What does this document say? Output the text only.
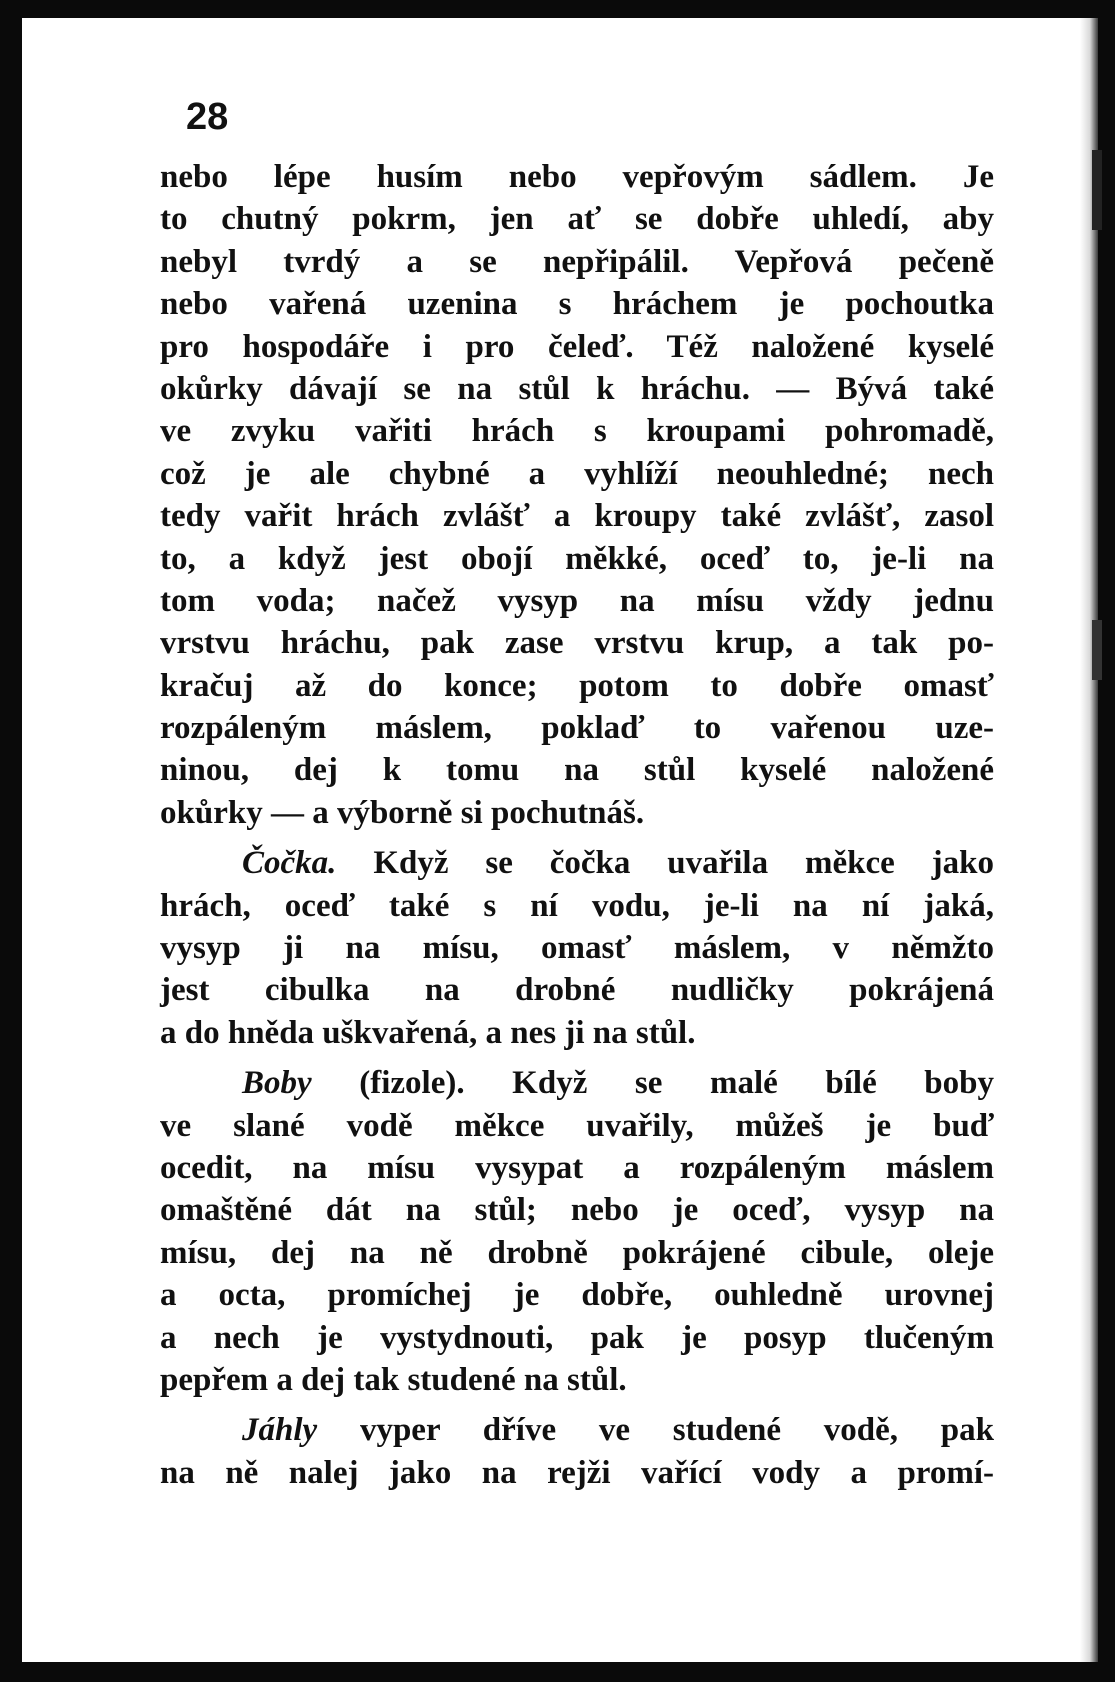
28
nebo lépe husím nebo vepřovým sádlem. Je
to chutný pokrm, jen ať se dobře uhledí, aby
nebyl tvrdý a se nepřipálil. Vepřová pečeně
nebo vařená uzenina s hráchem je pochoutka
pro hospodáře i pro čeleď. Též naložené kyselé
okůrky dávají se na stůl k hráchu. — Bývá také
ve zvyku vařiti hrách s kroupami pohromadě,
což je ale chybné a vyhlíží neouhledné; nech
tedy vařit hrách zvlášť a kroupy také zvlášť, zasol
to, a když jest obojí měkké, oceď to, je-li na
tom voda; načež vysyp na mísu vždy jednu
vrstvu hráchu, pak zase vrstvu krup, a tak po-
kračuj až do konce; potom to dobře omasť
rozpáleným máslem, poklaď to vařenou uze-
ninou, dej k tomu na stůl kyselé naložené
okůrky — a výborně si pochutnáš.
Čočka. Když se čočka uvařila měkce jako
hrách, oceď také s ní vodu, je-li na ní jaká,
vysyp ji na mísu, omasť máslem, v němžto
jest cibulka na drobné nudličky pokrájená
a do hněda uškvařená, a nes ji na stůl.
Boby (fizole). Když se malé bílé boby
ve slané vodě měkce uvařily, můžeš je buď
ocedit, na mísu vysypat a rozpáleným máslem
omaštěné dát na stůl; nebo je oceď, vysyp na
mísu, dej na ně drobně pokrájené cibule, oleje
a octa, promíchej je dobře, ouhledně urovnej
a nech je vystydnouti, pak je posyp tlučeným
pepřem a dej tak studené na stůl.
Jáhly vyper dříve ve studené vodě, pak
na ně nalej jako na rejži vařící vody a promí-
